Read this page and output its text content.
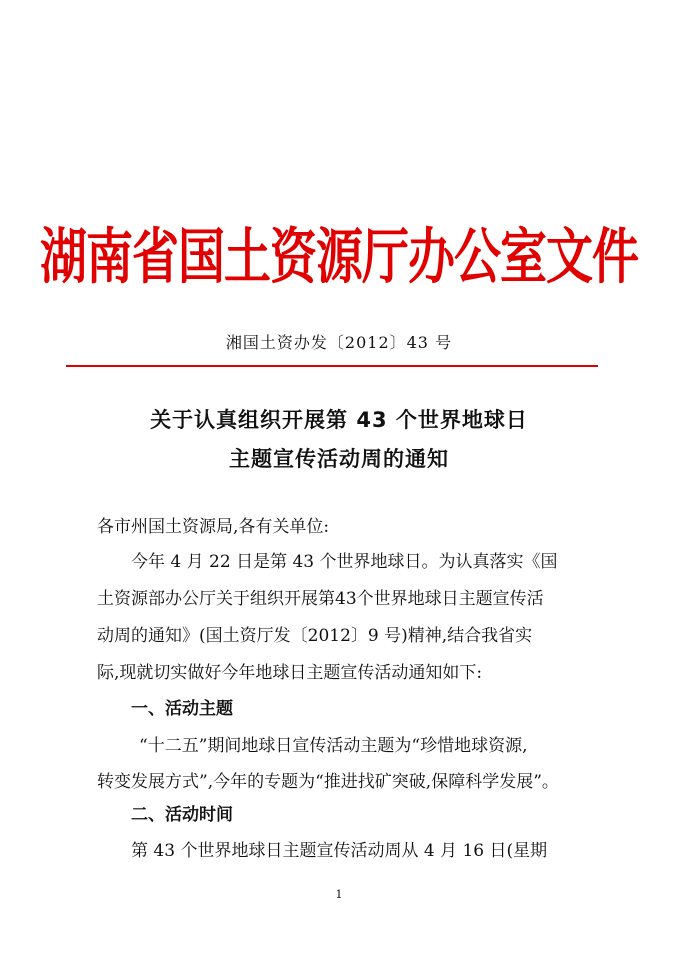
湖南省国土资源厅办公室文件
湘国土资办发〔2012〕43 号
关于认真组织开展第 43 个世界地球日
主题宣传活动周的通知
各市州国土资源局,各有关单位:
今年 4 月 22 日是第 43 个世界地球日。为认真落实《国
土资源部办公厅关于组织开展第43个世界地球日主题宣传活
动周的通知》(国土资厅发〔2012〕9 号)精神,结合我省实
际,现就切实做好今年地球日主题宣传活动通知如下:
一、活动主题
“十二五”期间地球日宣传活动主题为“珍惜地球资源,
转变发展方式”,今年的专题为“推进找矿突破,保障科学发展”。
二、活动时间
第 43 个世界地球日主题宣传活动周从 4 月 16 日(星期
1
